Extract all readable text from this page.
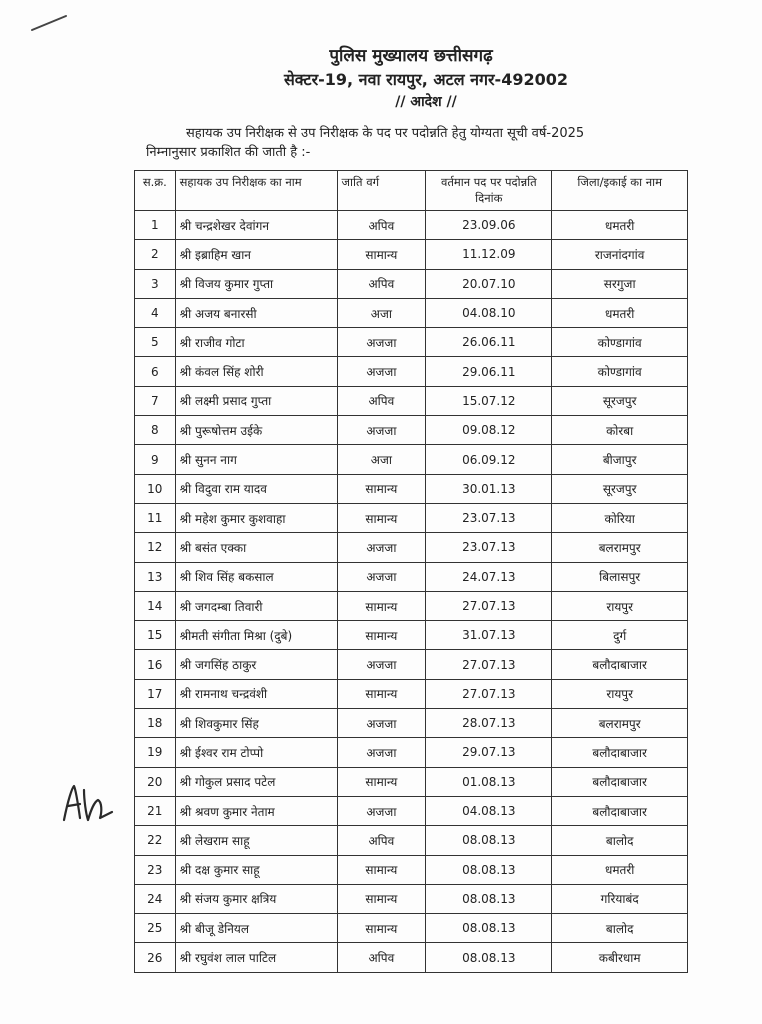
पुलिस मुख्यालय छत्तीसगढ़
सेक्टर-19, नवा रायपुर, अटल नगर-492002
// आदेश //
सहायक उप निरीक्षक से उप निरीक्षक के पद पर पदोन्नति हेतु योग्यता सूची वर्ष-2025
निम्नानुसार प्रकाशित की जाती है :-
स.क्र.	सहायक उप निरीक्षक का नाम	जाति वर्ग	वर्तमान पद पर पदोन्नति दिनांक	जिला/इकाई का नाम
1	श्री चन्द्रशेखर देवांगन	अपिव	23.09.06	धमतरी
2	श्री इब्राहिम खान	सामान्य	11.12.09	राजनांदगांव
3	श्री विजय कुमार गुप्ता	अपिव	20.07.10	सरगुजा
4	श्री अजय बनारसी	अजा	04.08.10	धमतरी
5	श्री राजीव गोटा	अजजा	26.06.11	कोण्डागांव
6	श्री कंवल सिंह शोरी	अजजा	29.06.11	कोण्डागांव
7	श्री लक्ष्मी प्रसाद गुप्ता	अपिव	15.07.12	सूरजपुर
8	श्री पुरूषोत्तम उईके	अजजा	09.08.12	कोरबा
9	श्री सुनन नाग	अजा	06.09.12	बीजापुर
10	श्री विदुवा राम यादव	सामान्य	30.01.13	सूरजपुर
11	श्री महेश कुमार कुशवाहा	सामान्य	23.07.13	कोरिया
12	श्री बसंत एक्का	अजजा	23.07.13	बलरामपुर
13	श्री शिव सिंह बकसाल	अजजा	24.07.13	बिलासपुर
14	श्री जगदम्बा तिवारी	सामान्य	27.07.13	रायपुर
15	श्रीमती संगीता मिश्रा (दुबे)	सामान्य	31.07.13	दुर्ग
16	श्री जगसिंह ठाकुर	अजजा	27.07.13	बलौदाबाजार
17	श्री रामनाथ चन्द्रवंशी	सामान्य	27.07.13	रायपुर
18	श्री शिवकुमार सिंह	अजजा	28.07.13	बलरामपुर
19	श्री ईश्वर राम टोप्पो	अजजा	29.07.13	बलौदाबाजार
20	श्री गोकुल प्रसाद पटेल	सामान्य	01.08.13	बलौदाबाजार
21	श्री श्रवण कुमार नेताम	अजजा	04.08.13	बलौदाबाजार
22	श्री लेखराम साहू	अपिव	08.08.13	बालोद
23	श्री दक्ष कुमार साहू	सामान्य	08.08.13	धमतरी
24	श्री संजय कुमार क्षत्रिय	सामान्य	08.08.13	गरियाबंद
25	श्री बीजू डेनियल	सामान्य	08.08.13	बालोद
26	श्री रघुवंश लाल पाटिल	अपिव	08.08.13	कबीरधाम
